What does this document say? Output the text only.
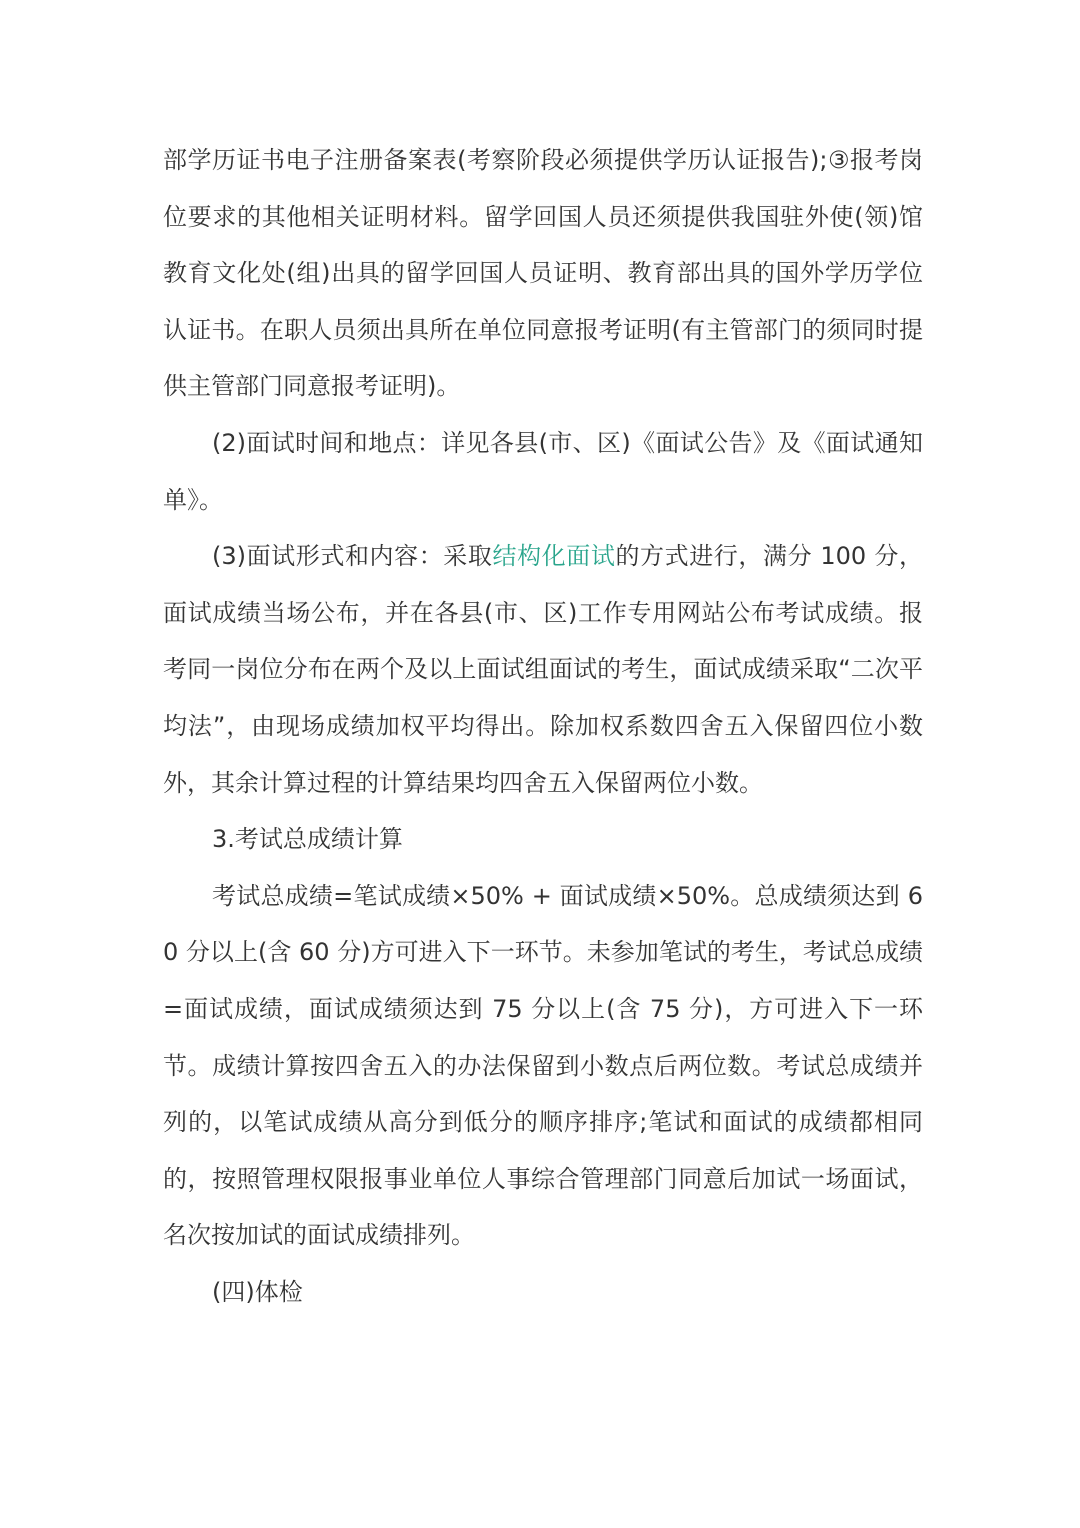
部学历证书电子注册备案表(考察阶段必须提供学历认证报告);③报考岗位要求的其他相关证明材料。留学回国人员还须提供我国驻外使(领)馆教育文化处(组)出具的留学回国人员证明、教育部出具的国外学历学位认证书。在职人员须出具所在单位同意报考证明(有主管部门的须同时提供主管部门同意报考证明)。

(2)面试时间和地点：详见各县(市、区)《面试公告》及《面试通知单》。

(3)面试形式和内容：采取结构化面试的方式进行，满分 100 分，面试成绩当场公布，并在各县(市、区)工作专用网站公布考试成绩。报考同一岗位分布在两个及以上面试组面试的考生，面试成绩采取“二次平均法”，由现场成绩加权平均得出。除加权系数四舍五入保留四位小数外，其余计算过程的计算结果均四舍五入保留两位小数。

3.考试总成绩计算

考试总成绩=笔试成绩×50% + 面试成绩×50%。总成绩须达到 60 分以上(含 60 分)方可进入下一环节。未参加笔试的考生，考试总成绩=面试成绩，面试成绩须达到 75 分以上(含 75 分)，方可进入下一环节。成绩计算按四舍五入的办法保留到小数点后两位数。考试总成绩并列的，以笔试成绩从高分到低分的顺序排序;笔试和面试的成绩都相同的，按照管理权限报事业单位人事综合管理部门同意后加试一场面试，名次按加试的面试成绩排列。

(四)体检
